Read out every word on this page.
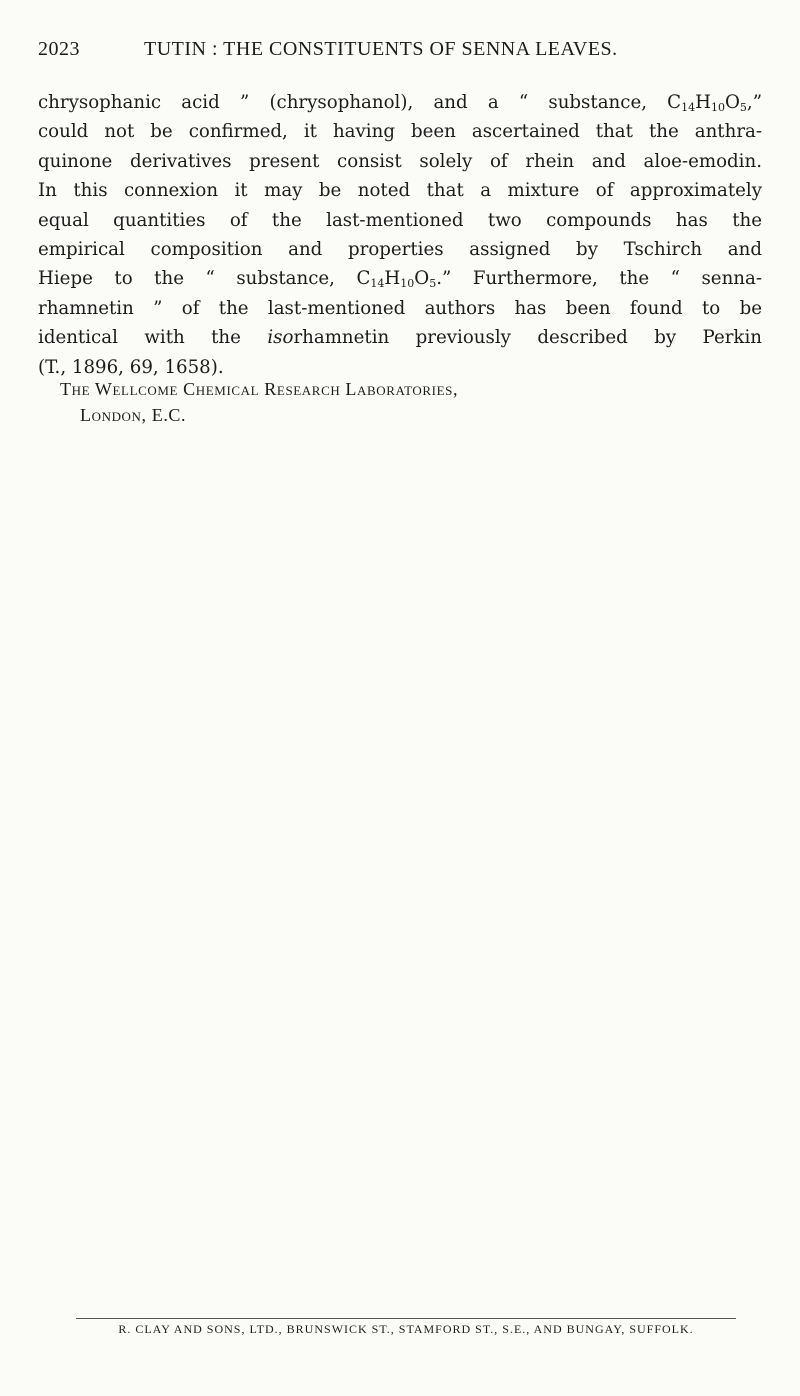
2023	TUTIN : THE CONSTITUENTS OF SENNA LEAVES.
chrysophanic acid ” (chrysophanol), and a “ substance, $C_{14}H_{10}O_5$,”
could not be confirmed, it having been ascertained that the anthra-
quinone derivatives present consist solely of rhein and aloe-emodin.
In this connexion it may be noted that a mixture of approximately
equal quantities of the last-mentioned two compounds has the
empirical composition and properties assigned by Tschirch and
Hiepe to the “ substance, $C_{14}H_{10}O_5$.” Furthermore, the “ senna-
rhamnetin ” of the last-mentioned authors has been found to be
identical with the isorhamnetin previously described by Perkin
(T., 1896, 69, 1658).
The Wellcome Chemical Research Laboratories,
London, E.C.
R. CLAY AND SONS, LTD., BRUNSWICK ST., STAMFORD ST., S.E., AND BUNGAY, SUFFOLK.
